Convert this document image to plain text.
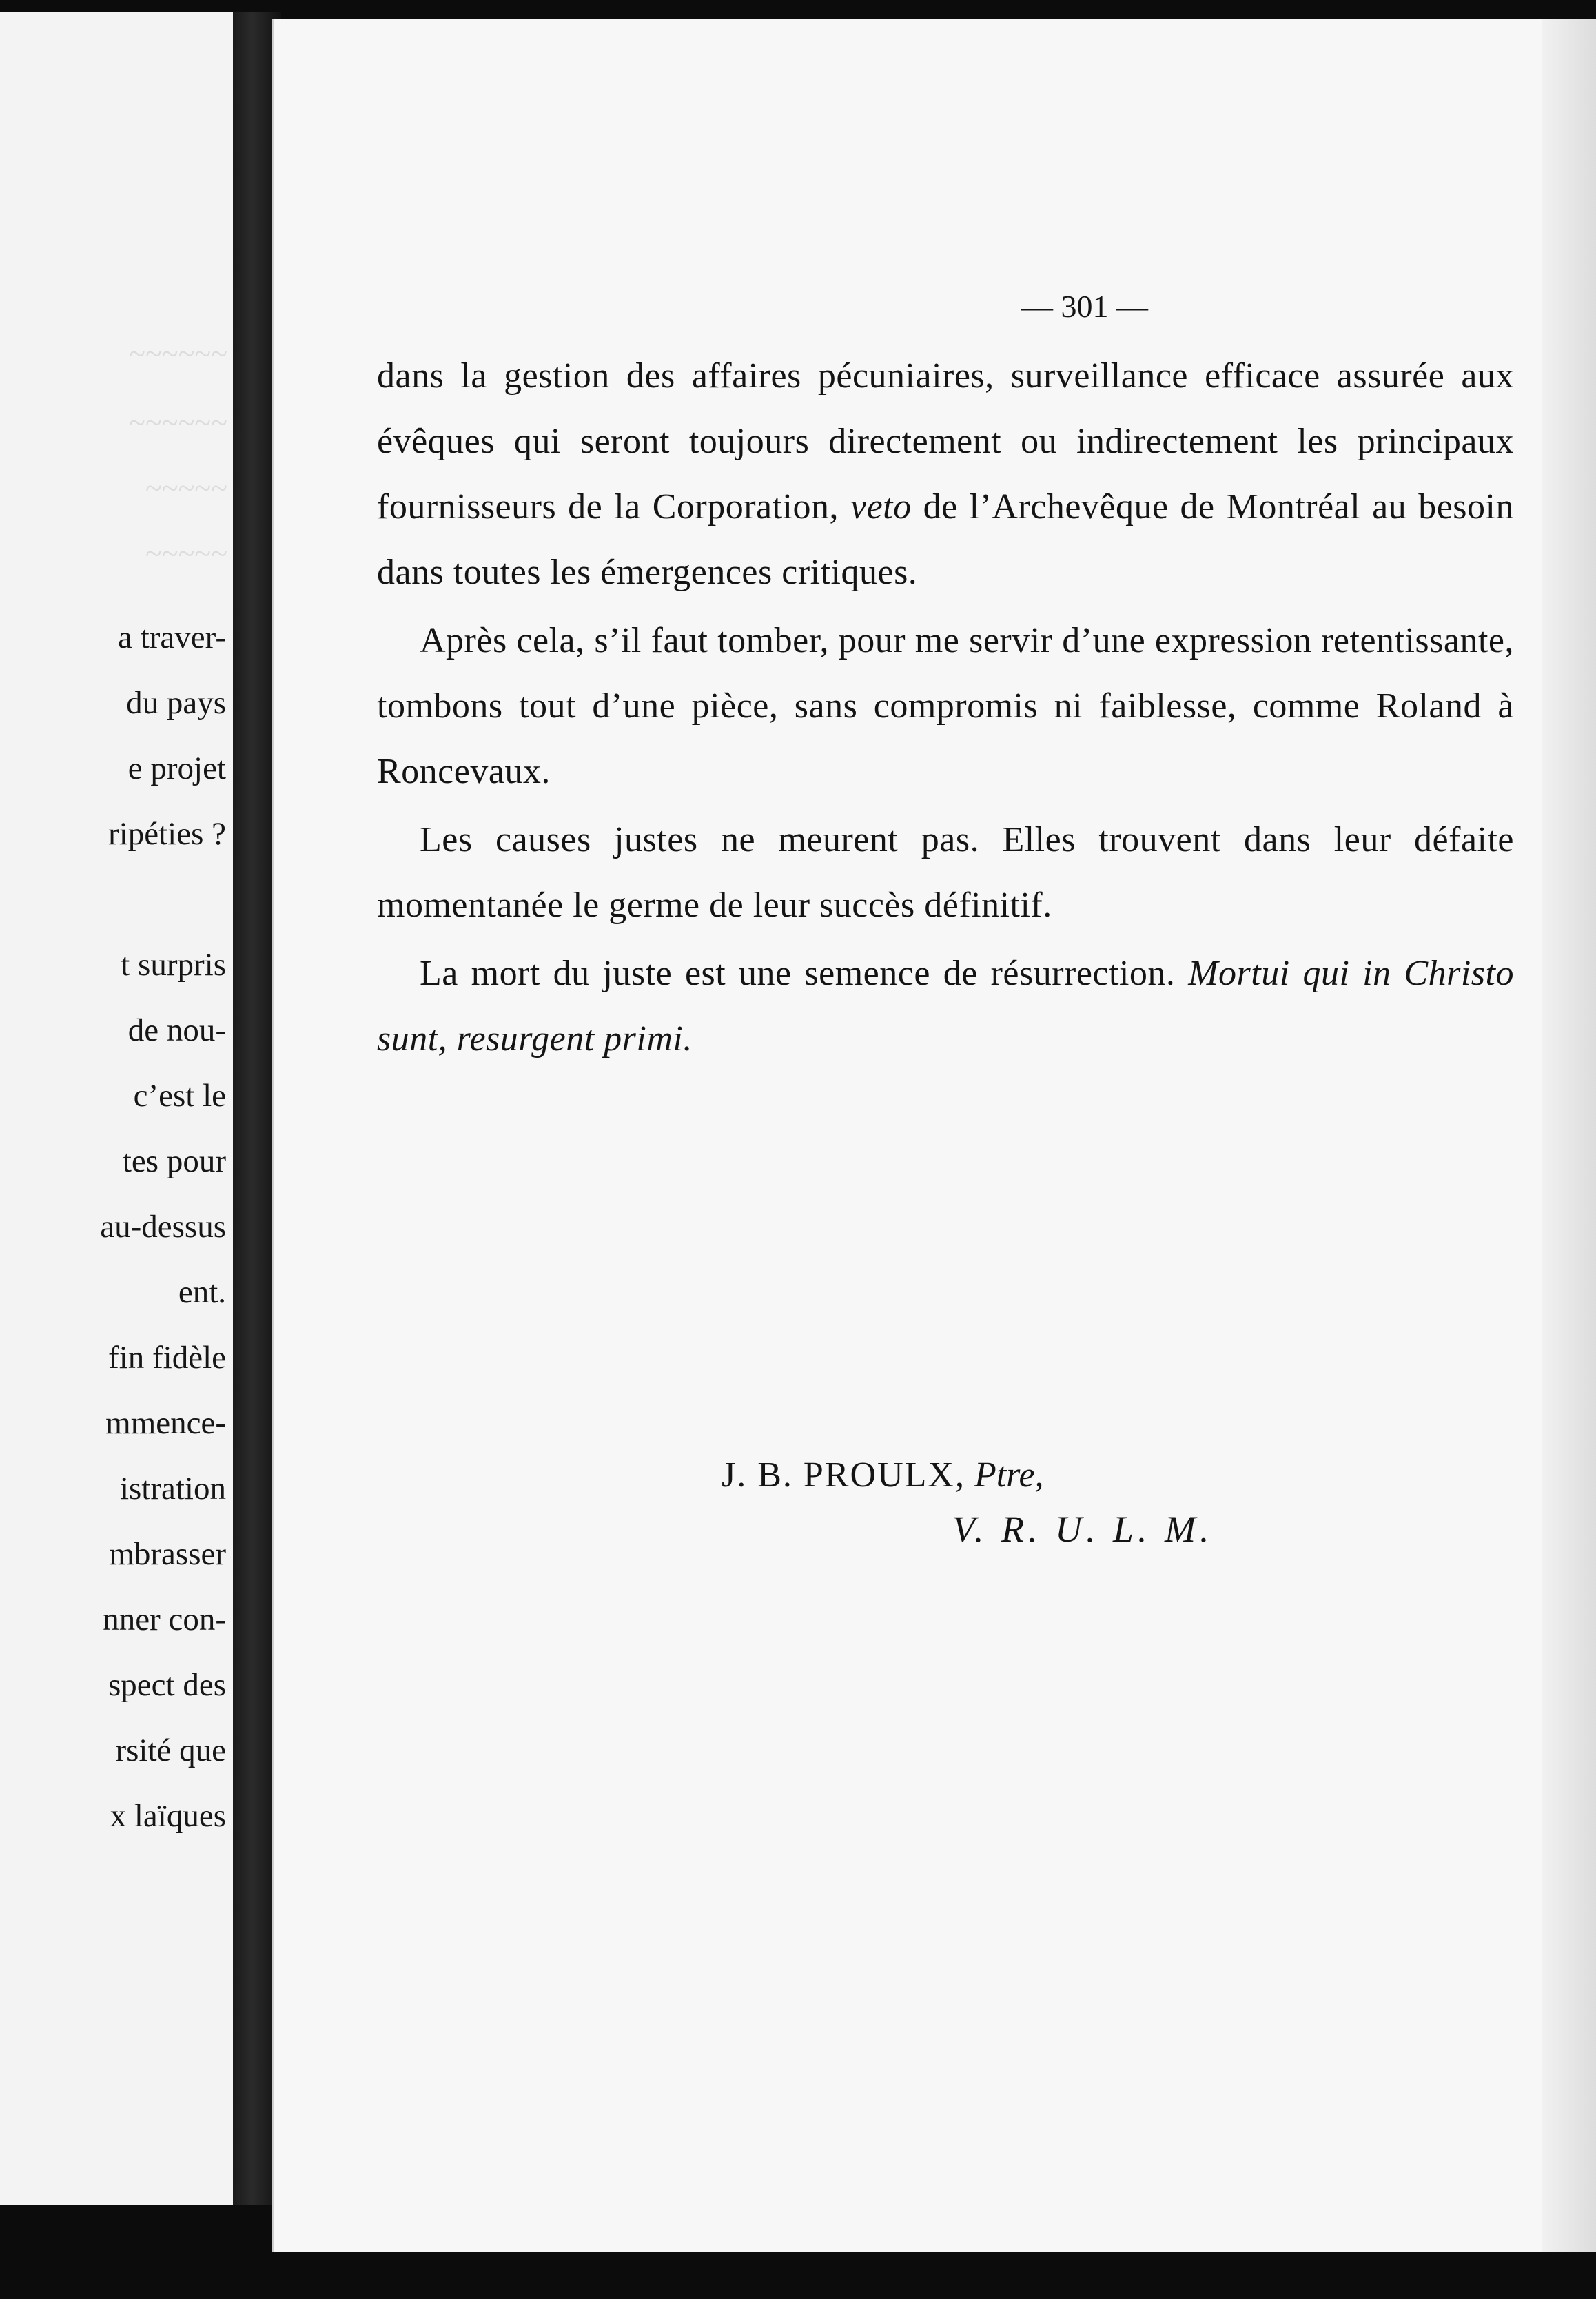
~~~~~~
~~~~~~
~~~~~
~~~~~
a traver-
du pays
e projet
ripéties ?
t surpris
de nou-
c’est le
tes pour
au-dessus
ent.
fin fidèle
mmence-
istration
mbrasser
nner con-
spect des
rsité que
x laïques
— 301 —

dans la gestion des affaires pécuniaires, surveillance efficace assurée aux évêques qui seront toujours directement ou indirectement les principaux fournisseurs de la Corporation, veto de l’Archevêque de Montréal au besoin dans toutes les émergences critiques.

Après cela, s’il faut tomber, pour me servir d’une expression retentissante, tombons tout d’une pièce, sans compromis ni faiblesse, comme Roland à Roncevaux.

Les causes justes ne meurent pas. Elles trouvent dans leur défaite momentanée le germe de leur succès définitif.

La mort du juste est une semence de résurrection. Mortui qui in Christo sunt, resurgent primi.

J. B. PROULX, Ptre,
V. R. U. L. M.
